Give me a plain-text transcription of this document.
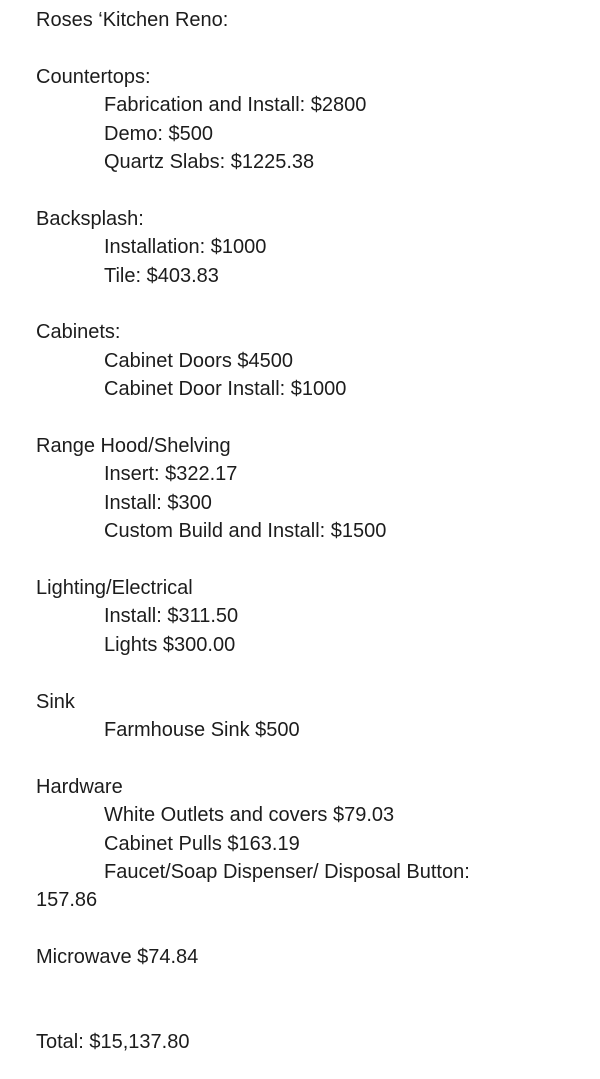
Roses ‘Kitchen Reno:
Countertops:
Fabrication and Install: $2800
Demo: $500
Quartz Slabs: $1225.38
Backsplash:
Installation: $1000
Tile: $403.83
Cabinets:
Cabinet Doors $4500
Cabinet Door Install: $1000
Range Hood/Shelving
Insert: $322.17
Install: $300
Custom Build and Install: $1500
Lighting/Electrical
Install: $311.50
Lights $300.00
Sink
Farmhouse Sink $500
Hardware
White Outlets and covers $79.03
Cabinet Pulls $163.19
Faucet/Soap Dispenser/ Disposal Button:
157.86
Microwave $74.84
Total: $15,137.80
